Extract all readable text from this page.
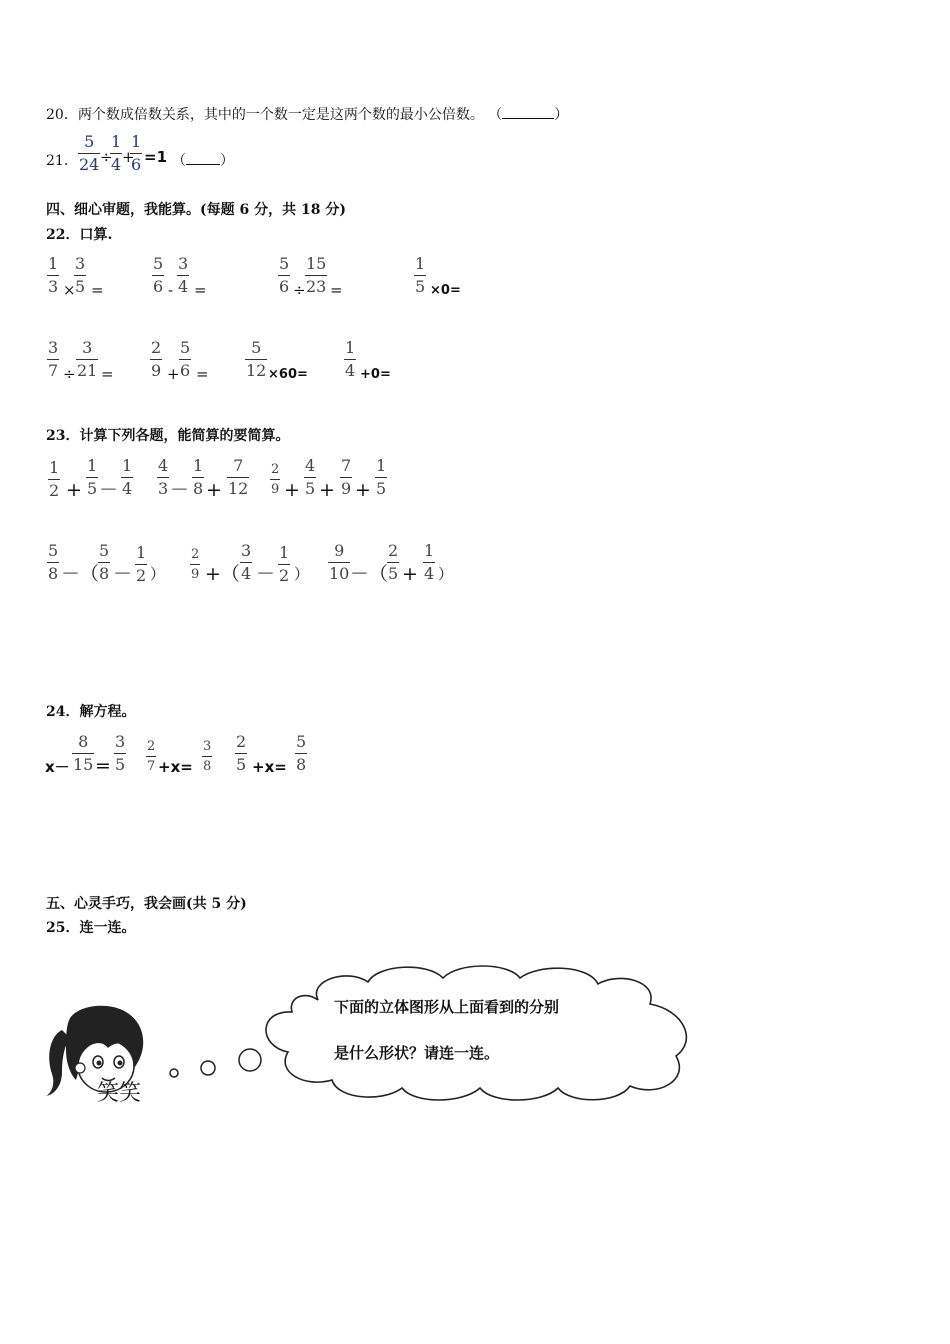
20．两个数成倍数关系，其中的一个数一定是这两个数的最小公倍数。 （	）
21．
5
24 ÷
1
4 +
1
6 =1 （ ）
四、细心审题，我能算。(每题 6 分，共 18 分)
22．口算.
1
3 ×
3
5 =
5
6 -
3
4 =
5
6 ÷
15
23 =
1
5 ×0=
3
7 ÷
3
21 =
2
9 +
5
6 =
5
12 ×60=
1
4 +0=
23．计算下列各题，能简算的要简算。
1
2 +
1
5 －
1
4
4
3 －
1
8 +
7
12
2
9 +
4
5 +
7
9 +
1
5
5
8 －（
5
8 －
1
2 ）
2
9 +（
3
4 －
1
2 ）
9
10 －（
2
5 +
1
4 ）
24．解方程。
x－
8
15 =
3
5
2
7 +x=
3
8
2
5 +x=
5
8
五、心灵手巧，我会画(共 5 分)
25．连一连。
笑笑
下面的立体图形从上面看到的分别
是什么形状？请连一连。
